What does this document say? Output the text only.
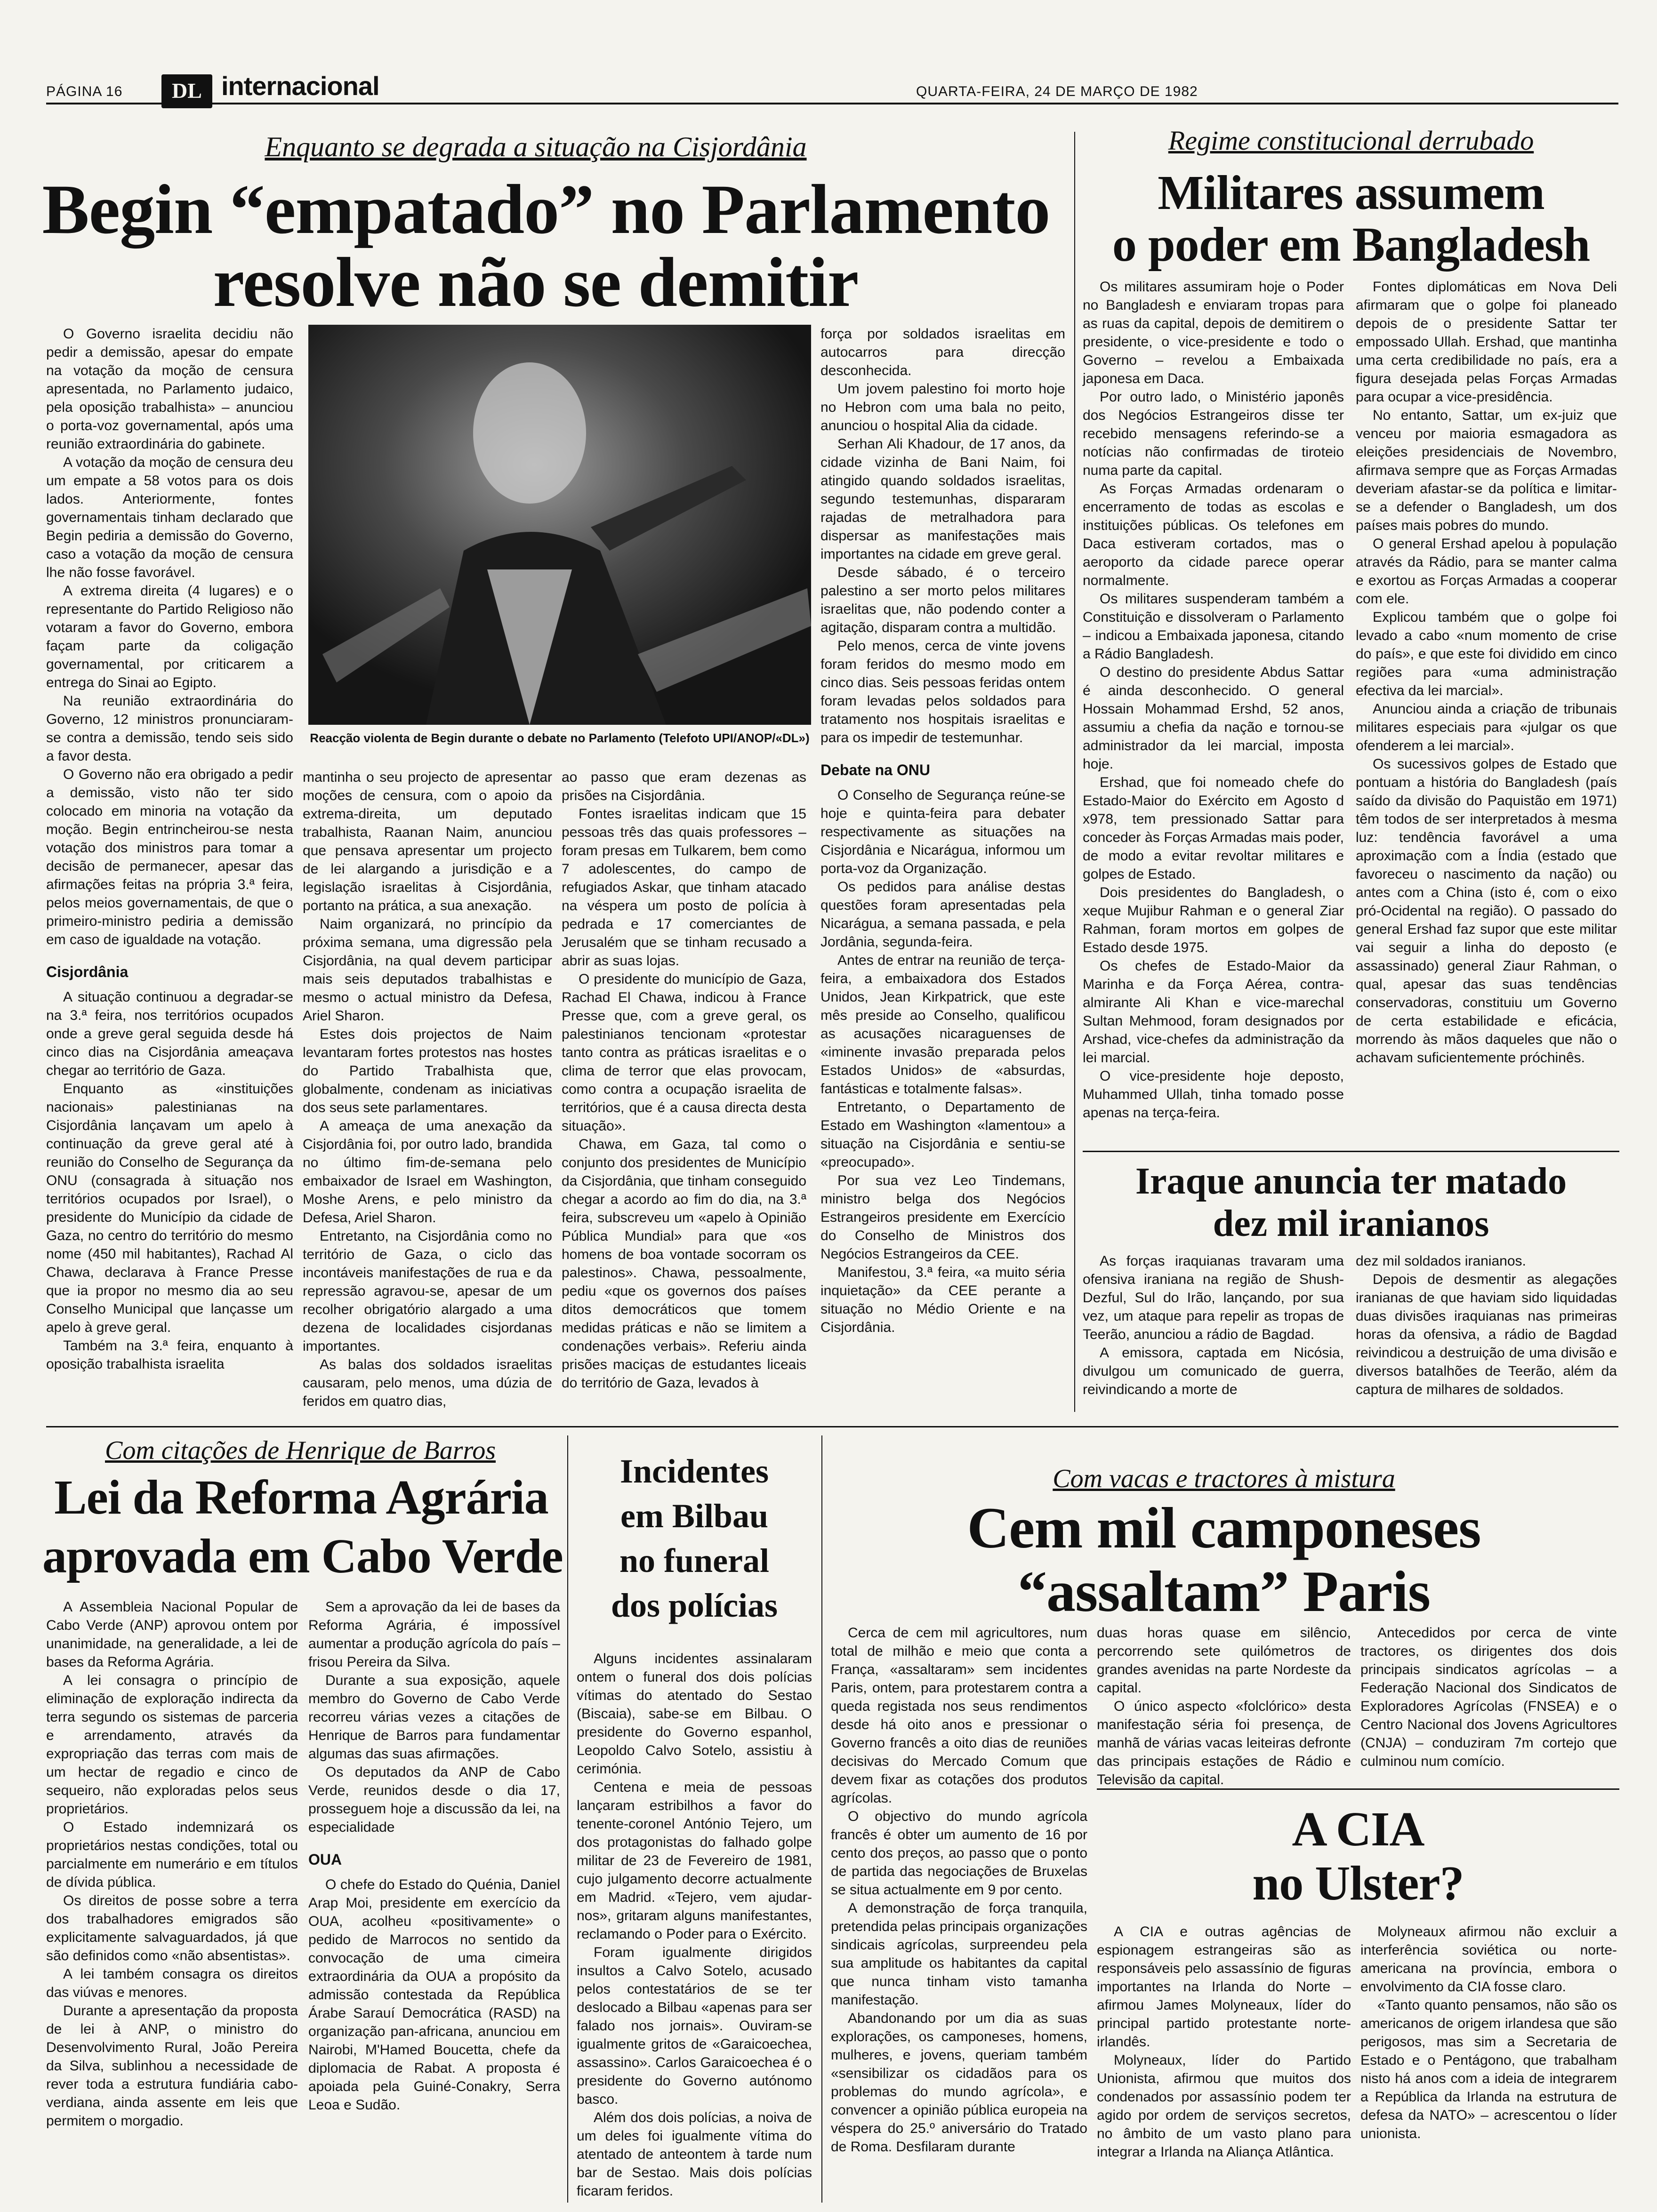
PÁGINA 16	DL internacional	QUARTA-FEIRA, 24 DE MARÇO DE 1982
Enquanto se degrada a situação na Cisjordânia
Begin “empatado” no Parlamento
resolve não se demitir
Reacção violenta de Begin durante o debate no Parlamento (Telefoto UPI/ANOP/«DL»)

O Governo israelita decidiu não pedir a demissão, apesar do empate na votação da moção de censura apresentada, no Parlamento judaico, pela oposição trabalhista» – anunciou o porta-voz governamental, após uma reunião extraordinária do gabinete.

A votação da moção de censura deu um empate a 58 votos para os dois lados. Anteriormente, fontes governamentais tinham declarado que Begin pediria a demissão do Governo, caso a votação da moção de censura lhe não fosse favorável.

A extrema direita (4 lugares) e o representante do Partido Religioso não votaram a favor do Governo, embora façam parte da coligação governamental, por criticarem a entrega do Sinai ao Egipto.

Na reunião extraordinária do Governo, 12 ministros pronunciaram-se contra a demissão, tendo seis sido a favor desta.

O Governo não era obrigado a pedir a demissão, visto não ter sido colocado em minoria na votação da moção. Begin entrincheirou-se nesta votação dos ministros para tomar a decisão de permanecer, apesar das afirmações feitas na própria 3.ª feira, pelos meios governamentais, de que o primeiro-ministro pediria a demissão em caso de igualdade na votação.

Cisjordânia

A situação continuou a degradar-se na 3.ª feira, nos territórios ocupados onde a greve geral seguida desde há cinco dias na Cisjordânia ameaçava chegar ao território de Gaza.

Enquanto as «instituições nacionais» palestinianas na Cisjordânia lançavam um apelo à continuação da greve geral até à reunião do Conselho de Segurança da ONU (consagrada à situação nos territórios ocupados por Israel), o presidente do Município da cidade de Gaza, no centro do território do mesmo nome (450 mil habitantes), Rachad Al Chawa, declarava à France Presse que ia propor no mesmo dia ao seu Conselho Municipal que lançasse um apelo à greve geral.

Também na 3.ª feira, enquanto à oposição trabalhista israelita

mantinha o seu projecto de apresentar moções de censura, com o apoio da extrema-direita, um deputado trabalhista, Raanan Naim, anunciou que pensava apresentar um projecto de lei alargando a jurisdição e a legislação israelitas à Cisjordânia, portanto na prática, a sua anexação.

Naim organizará, no princípio da próxima semana, uma digressão pela Cisjordânia, na qual devem participar mais seis deputados trabalhistas e mesmo o actual ministro da Defesa, Ariel Sharon.

Estes dois projectos de Naim levantaram fortes protestos nas hostes do Partido Trabalhista que, globalmente, condenam as iniciativas dos seus sete parlamentares.

A ameaça de uma anexação da Cisjordânia foi, por outro lado, brandida no último fim-de-semana pelo embaixador de Israel em Washington, Moshe Arens, e pelo ministro da Defesa, Ariel Sharon.

Entretanto, na Cisjordânia como no território de Gaza, o ciclo das incontáveis manifestações de rua e da repressão agravou-se, apesar de um recolher obrigatório alargado a uma dezena de localidades cisjordanas importantes.

As balas dos soldados israelitas causaram, pelo menos, uma dúzia de feridos em quatro dias,

ao passo que eram dezenas as prisões na Cisjordânia.

Fontes israelitas indicam que 15 pessoas três das quais professores – foram presas em Tulkarem, bem como 7 adolescentes, do campo de refugiados Askar, que tinham atacado na véspera um posto de polícia à pedrada e 17 comerciantes de Jerusalém que se tinham recusado a abrir as suas lojas.

O presidente do município de Gaza, Rachad El Chawa, indicou à France Presse que, com a greve geral, os palestinianos tencionam «protestar tanto contra as práticas israelitas e o clima de terror que elas provocam, como contra a ocupação israelita de territórios, que é a causa directa desta situação».

Chawa, em Gaza, tal como o conjunto dos presidentes de Município da Cisjordânia, que tinham conseguido chegar a acordo ao fim do dia, na 3.ª feira, subscreveu um «apelo à Opinião Pública Mundial» para que «os homens de boa vontade socorram os palestinos». Chawa, pessoalmente, pediu «que os governos dos países ditos democráticos que tomem medidas práticas e não se limitem a condenações verbais». Referiu ainda prisões maciças de estudantes liceais do território de Gaza, levados à

força por soldados israelitas em autocarros para direcção desconhecida.

Um jovem palestino foi morto hoje no Hebron com uma bala no peito, anunciou o hospital Alia da cidade.

Serhan Ali Khadour, de 17 anos, da cidade vizinha de Bani Naim, foi atingido quando soldados israelitas, segundo testemunhas, dispararam rajadas de metralhadora para dispersar as manifestações mais importantes na cidade em greve geral.

Desde sábado, é o terceiro palestino a ser morto pelos militares israelitas que, não podendo conter a agitação, disparam contra a multidão.

Pelo menos, cerca de vinte jovens foram feridos do mesmo modo em cinco dias. Seis pessoas feridas ontem foram levadas pelos soldados para tratamento nos hospitais israelitas e para os impedir de testemunhar.

Debate na ONU

O Conselho de Segurança reúne-se hoje e quinta-feira para debater respectivamente as situações na Cisjordânia e Nicarágua, informou um porta-voz da Organização.

Os pedidos para análise destas questões foram apresentadas pela Nicarágua, a semana passada, e pela Jordânia, segunda-feira.

Antes de entrar na reunião de terça-feira, a embaixadora dos Estados Unidos, Jean Kirkpatrick, que este mês preside ao Conselho, qualificou as acusações nicaraguenses de «iminente invasão preparada pelos Estados Unidos» de «absurdas, fantásticas e totalmente falsas».

Entretanto, o Departamento de Estado em Washington «lamentou» a situação na Cisjordânia e sentiu-se «preocupado».

Por sua vez Leo Tindemans, ministro belga dos Negócios Estrangeiros presidente em Exercício do Conselho de Ministros dos Negócios Estrangeiros da CEE.

Manifestou, 3.ª feira, «a muito séria inquietação» da CEE perante a situação no Médio Oriente e na Cisjordânia.

Regime constitucional derrubado
Militares assumem
o poder em Bangladesh

Os militares assumiram hoje o Poder no Bangladesh e enviaram tropas para as ruas da capital, depois de demitirem o presidente, o vice-presidente e todo o Governo – revelou a Embaixada japonesa em Daca.

Por outro lado, o Ministério japonês dos Negócios Estrangeiros disse ter recebido mensagens referindo-se a notícias não confirmadas de tiroteio numa parte da capital.

As Forças Armadas ordenaram o encerramento de todas as escolas e instituições públicas. Os telefones em Daca estiveram cortados, mas o aeroporto da cidade parece operar normalmente.

Os militares suspenderam também a Constituição e dissolveram o Parlamento – indicou a Embaixada japonesa, citando a Rádio Bangladesh.

O destino do presidente Abdus Sattar é ainda desconhecido. O general Hossain Mohammad Ershd, 52 anos, assumiu a chefia da nação e tornou-se administrador da lei marcial, imposta hoje.

Ershad, que foi nomeado chefe do Estado-Maior do Exército em Agosto d x978, tem pressionado Sattar para conceder às Forças Armadas mais poder, de modo a evitar revoltar militares e golpes de Estado.

Dois presidentes do Bangladesh, o xeque Mujibur Rahman e o general Ziar Rahman, foram mortos em golpes de Estado desde 1975.

Os chefes de Estado-Maior da Marinha e da Força Aérea, contra-almirante Ali Khan e vice-marechal Sultan Mehmood, foram designados por Arshad, vice-chefes da administração da lei marcial.

O vice-presidente hoje deposto, Muhammed Ullah, tinha tomado posse apenas na terça-feira.

Fontes diplomáticas em Nova Deli afirmaram que o golpe foi planeado depois de o presidente Sattar ter empossado Ullah. Ershad, que mantinha uma certa credibilidade no país, era a figura desejada pelas Forças Armadas para ocupar a vice-presidência.

No entanto, Sattar, um ex-juiz que venceu por maioria esmagadora as eleições presidenciais de Novembro, afirmava sempre que as Forças Armadas deveriam afastar-se da política e limitar-se a defender o Bangladesh, um dos países mais pobres do mundo.

O general Ershad apelou à população através da Rádio, para se manter calma e exortou as Forças Armadas a cooperar com ele.

Explicou também que o golpe foi levado a cabo «num momento de crise do país», e que este foi dividido em cinco regiões para «uma administração efectiva da lei marcial».

Anunciou ainda a criação de tribunais militares especiais para «julgar os que ofenderem a lei marcial».

Os sucessivos golpes de Estado que pontuam a história do Bangladesh (país saído da divisão do Paquistão em 1971) têm todos de ser interpretados à mesma luz: tendência favorável a uma aproximação com a Índia (estado que favoreceu o nascimento da nação) ou antes com a China (isto é, com o eixo pró-Ocidental na região). O passado do general Ershad faz supor que este militar vai seguir a linha do deposto (e assassinado) general Ziaur Rahman, o qual, apesar das suas tendências conservadoras, constituiu um Governo de certa estabilidade e eficácia, morrendo às mãos daqueles que não o achavam suficientemente próchinês.

Iraque anuncia ter matado
dez mil iranianos

As forças iraquianas travaram uma ofensiva iraniana na região de Shush-Dezful, Sul do Irão, lançando, por sua vez, um ataque para repelir as tropas de Teerão, anunciou a rádio de Bagdad.

A emissora, captada em Nicósia, divulgou um comunicado de guerra, reivindicando a morte de

dez mil soldados iranianos.

Depois de desmentir as alegações iranianas de que haviam sido liquidadas duas divisões iraquianas nas primeiras horas da ofensiva, a rádio de Bagdad reivindicou a destruição de uma divisão e diversos batalhões de Teerão, além da captura de milhares de soldados.

Com citações de Henrique de Barros
Lei da Reforma Agrária
aprovada em Cabo Verde

A Assembleia Nacional Popular de Cabo Verde (ANP) aprovou ontem por unanimidade, na generalidade, a lei de bases da Reforma Agrária.

A lei consagra o princípio de eliminação de exploração indirecta da terra segundo os sistemas de parceria e arrendamento, através da expropriação das terras com mais de um hectar de regadio e cinco de sequeiro, não exploradas pelos seus proprietários.

O Estado indemnizará os proprietários nestas condições, total ou parcialmente em numerário e em títulos de dívida pública.

Os direitos de posse sobre a terra dos trabalhadores emigrados são explicitamente salvaguardados, já que são definidos como «não absentistas».

A lei também consagra os direitos das viúvas e menores.

Durante a apresentação da proposta de lei à ANP, o ministro do Desenvolvimento Rural, João Pereira da Silva, sublinhou a necessidade de rever toda a estrutura fundiária cabo-verdiana, ainda assente em leis que permitem o morgadio.

Sem a aprovação da lei de bases da Reforma Agrária, é impossível aumentar a produção agrícola do país – frisou Pereira da Silva.

Durante a sua exposição, aquele membro do Governo de Cabo Verde recorreu várias vezes a citações de Henrique de Barros para fundamentar algumas das suas afirmações.

Os deputados da ANP de Cabo Verde, reunidos desde o dia 17, prosseguem hoje a discussão da lei, na especialidade

OUA

O chefe do Estado do Quénia, Daniel Arap Moi, presidente em exercício da OUA, acolheu «positivamente» o pedido de Marrocos no sentido da convocação de uma cimeira extraordinária da OUA a propósito da admissão contestada da República Árabe Sarauí Democrática (RASD) na organização pan-africana, anunciou em Nairobi, M'Hamed Boucetta, chefe da diplomacia de Rabat. A proposta é apoiada pela Guiné-Conakry, Serra Leoa e Sudão.

Incidentes
em Bilbau
no funeral
dos polícias

Alguns incidentes assinalaram ontem o funeral dos dois polícias vítimas do atentado do Sestao (Biscaia), sabe-se em Bilbau. O presidente do Governo espanhol, Leopoldo Calvo Sotelo, assistiu à cerimónia.

Centena e meia de pessoas lançaram estribilhos a favor do tenente-coronel António Tejero, um dos protagonistas do falhado golpe militar de 23 de Fevereiro de 1981, cujo julgamento decorre actualmente em Madrid. «Tejero, vem ajudar-nos», gritaram alguns manifestantes, reclamando o Poder para o Exército.

Foram igualmente dirigidos insultos a Calvo Sotelo, acusado pelos contestatários de se ter deslocado a Bilbau «apenas para ser falado nos jornais». Ouviram-se igualmente gritos de «Garaicoechea, assassino». Carlos Garaicoechea é o presidente do Governo autónomo basco.

Além dos dois polícias, a noiva de um deles foi igualmente vítima do atentado de anteontem à tarde num bar de Sestao. Mais dois polícias ficaram feridos.

Com vacas e tractores à mistura
Cem mil camponeses
“assaltam” Paris

Cerca de cem mil agricultores, num total de milhão e meio que conta a França, «assaltaram» sem incidentes Paris, ontem, para protestarem contra a queda registada nos seus rendimentos desde há oito anos e pressionar o Governo francês a oito dias de reuniões decisivas do Mercado Comum que devem fixar as cotações dos produtos agrícolas.

O objectivo do mundo agrícola francês é obter um aumento de 16 por cento dos preços, ao passo que o ponto de partida das negociações de Bruxelas se situa actualmente em 9 por cento.

A demonstração de força tranquila, pretendida pelas principais organizações sindicais agrícolas, surpreendeu pela sua amplitude os habitantes da capital que nunca tinham visto tamanha manifestação.

Abandonando por um dia as suas explorações, os camponeses, homens, mulheres, e jovens, queriam também «sensibilizar os cidadãos para os problemas do mundo agrícola», e convencer a opinião pública europeia na véspera do 25.º aniversário do Tratado de Roma. Desfilaram durante

duas horas quase em silêncio, percorrendo sete quilómetros de grandes avenidas na parte Nordeste da capital.

O único aspecto «folclórico» desta manifestação séria foi presença, de manhã de várias vacas leiteiras defronte das principais estações de Rádio e Televisão da capital.

Antecedidos por cerca de vinte tractores, os dirigentes dos dois principais sindicatos agrícolas – a Federação Nacional dos Sindicatos de Exploradores Agrícolas (FNSEA) e o Centro Nacional dos Jovens Agricultores (CNJA) – conduziram 7m cortejo que culminou num comício.

A CIA
no Ulster?

A CIA e outras agências de espionagem estrangeiras são as responsáveis pelo assassínio de figuras importantes na Irlanda do Norte – afirmou James Molyneaux, líder do principal partido protestante norte-irlandês.

Molyneaux, líder do Partido Unionista, afirmou que muitos dos condenados por assassínio podem ter agido por ordem de serviços secretos, no âmbito de um vasto plano para integrar a Irlanda na Aliança Atlântica.

Molyneaux afirmou não excluir a interferência soviética ou norte-americana na província, embora o envolvimento da CIA fosse claro.

«Tanto quanto pensamos, não são os americanos de origem irlandesa que são perigosos, mas sim a Secretaria de Estado e o Pentágono, que trabalham nisto há anos com a ideia de integrarem a República da Irlanda na estrutura de defesa da NATO» – acrescentou o líder unionista.
